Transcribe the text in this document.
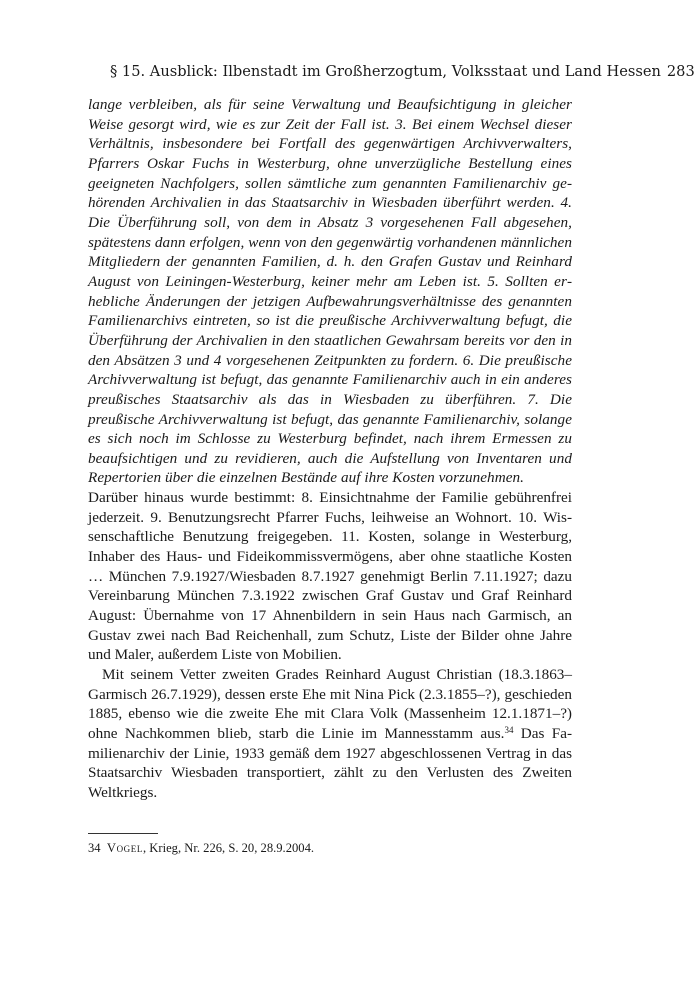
§ 15. Ausblick: Ilbenstadt im Großherzogtum, Volksstaat und Land Hessen 283

lange verbleiben, als für seine Verwaltung und Beaufsichtigung in gleicher Weise gesorgt wird, wie es zur Zeit der Fall ist. 3. Bei einem Wechsel dieser Verhältnis, insbesondere bei Fortfall des gegenwärtigen Archivverwalters, Pfarrers Oskar Fuchs in Westerburg, ohne unverzügliche Bestellung eines geeigneten Nachfolgers, sollen sämtliche zum genannten Familienarchiv gehörenden Archivalien in das Staatsarchiv in Wiesbaden überführt werden. 4. Die Überführung soll, von dem in Absatz 3 vorgesehenen Fall abgesehen, spätestens dann erfolgen, wenn von den gegenwärtig vorhandenen männlichen Mitgliedern der genannten Familien, d. h. den Grafen Gustav und Reinhard August von Leiningen-Westerburg, keiner mehr am Leben ist. 5. Sollten erhebliche Änderungen der jetzigen Aufbewahrungsverhältnisse des genannten Familienarchivs eintreten, so ist die preußische Archivverwaltung befugt, die Überführung der Archivalien in den staatlichen Gewahrsam bereits vor den in den Absätzen 3 und 4 vorgesehenen Zeitpunkten zu fordern. 6. Die preußische Archivverwaltung ist befugt, das genannte Familienarchiv auch in ein anderes preußisches Staatsarchiv als das in Wiesbaden zu überführen. 7. Die preußische Archivverwaltung ist befugt, das genannte Familienarchiv, solange es sich noch im Schlosse zu Westerburg befindet, nach ihrem Ermessen zu beaufsichtigen und zu revidieren, auch die Aufstellung von Inventaren und Repertorien über die einzelnen Bestände auf ihre Kosten vorzunehmen.

Darüber hinaus wurde bestimmt: 8. Einsichtnahme der Familie gebührenfrei jederzeit. 9. Benutzungsrecht Pfarrer Fuchs, leihweise an Wohnort. 10. Wissenschaftliche Benutzung freigegeben. 11. Kosten, solange in Westerburg, Inhaber des Haus- und Fideikommissvermögens, aber ohne staatliche Kosten … München 7.9.1927/Wiesbaden 8.7.1927 genehmigt Berlin 7.11.1927; dazu Vereinbarung München 7.3.1922 zwischen Graf Gustav und Graf Reinhard August: Übernahme von 17 Ahnenbildern in sein Haus nach Garmisch, an Gustav zwei nach Bad Reichenhall, zum Schutz, Liste der Bilder ohne Jahre und Maler, außerdem Liste von Mobilien.

Mit seinem Vetter zweiten Grades Reinhard August Christian (18.3.1863–Garmisch 26.7.1929), dessen erste Ehe mit Nina Pick (2.3.1855–?), geschieden 1885, ebenso wie die zweite Ehe mit Clara Volk (Massenheim 12.1.1871–?) ohne Nachkommen blieb, starb die Linie im Mannesstamm aus.$^{34}$ Das Familienarchiv der Linie, 1933 gemäß dem 1927 abgeschlossenen Vertrag in das Staatsarchiv Wiesbaden transportiert, zählt zu den Verlusten des Zweiten Weltkriegs.

34 Vogel, Krieg, Nr. 226, S. 20, 28.9.2004.
